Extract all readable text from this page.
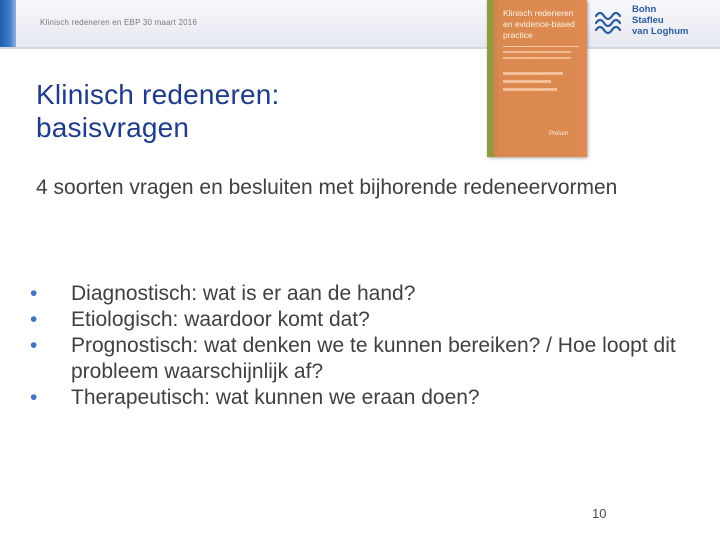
Klinisch redeneren en EBP 30 maart 2016
Klinisch redeneren en evidence-based practice
Prelum
Bohn
Stafleu
van Loghum
Klinisch redeneren:
basisvragen
4 soorten vragen en besluiten met bijhorende redeneervormen
•	Diagnostisch: wat is er aan de hand?
•	Etiologisch: waardoor komt dat?
•	Prognostisch: wat denken we te kunnen bereiken? / Hoe loopt dit probleem waarschijnlijk af?
•	Therapeutisch: wat kunnen we eraan doen?
10
